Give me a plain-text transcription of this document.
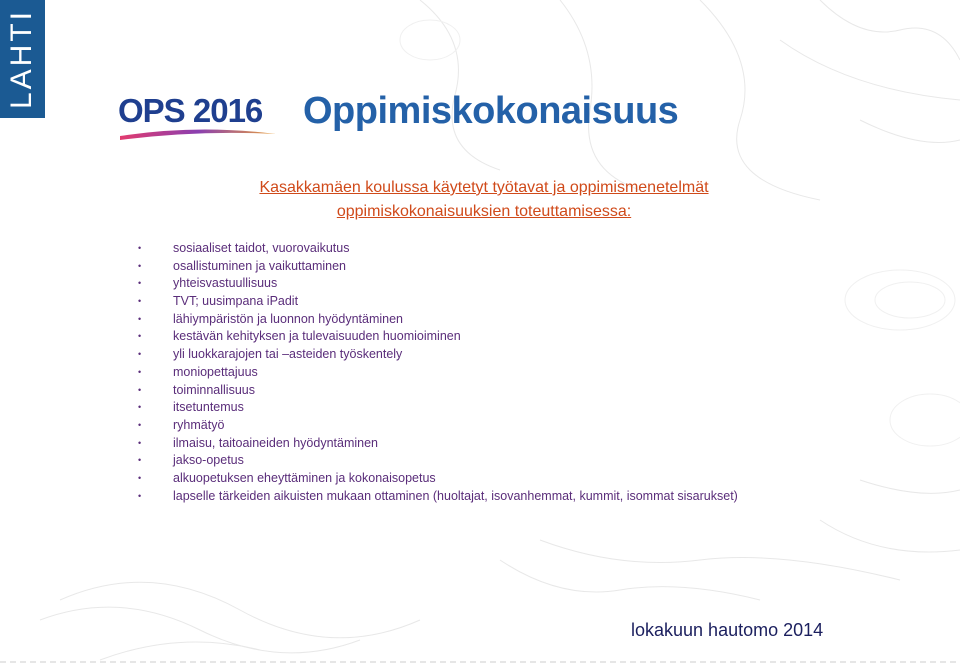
LAHTI
OPS 2016 Oppimiskokonaisuus
Kasakkamäen koulussa käytetyt työtavat ja oppimismenetelmät
oppimiskokonaisuuksien toteuttamisessa:
• sosiaaliset taidot, vuorovaikutus
• osallistuminen ja vaikuttaminen
• yhteisvastuullisuus
• TVT; uusimpana iPadit
• lähiympäristön ja luonnon hyödyntäminen
• kestävän kehityksen ja tulevaisuuden huomioiminen
• yli luokkarajojen tai –asteiden työskentely
• moniopettajuus
• toiminnallisuus
• itsetuntemus
• ryhmätyö
• ilmaisu, taitoaineiden hyödyntäminen
• jakso-opetus
• alkuopetuksen eheyttäminen ja kokonaisopetus
• lapselle tärkeiden aikuisten mukaan ottaminen (huoltajat, isovanhemmat, kummit, isommat sisarukset)
lokakuun hautomo 2014
